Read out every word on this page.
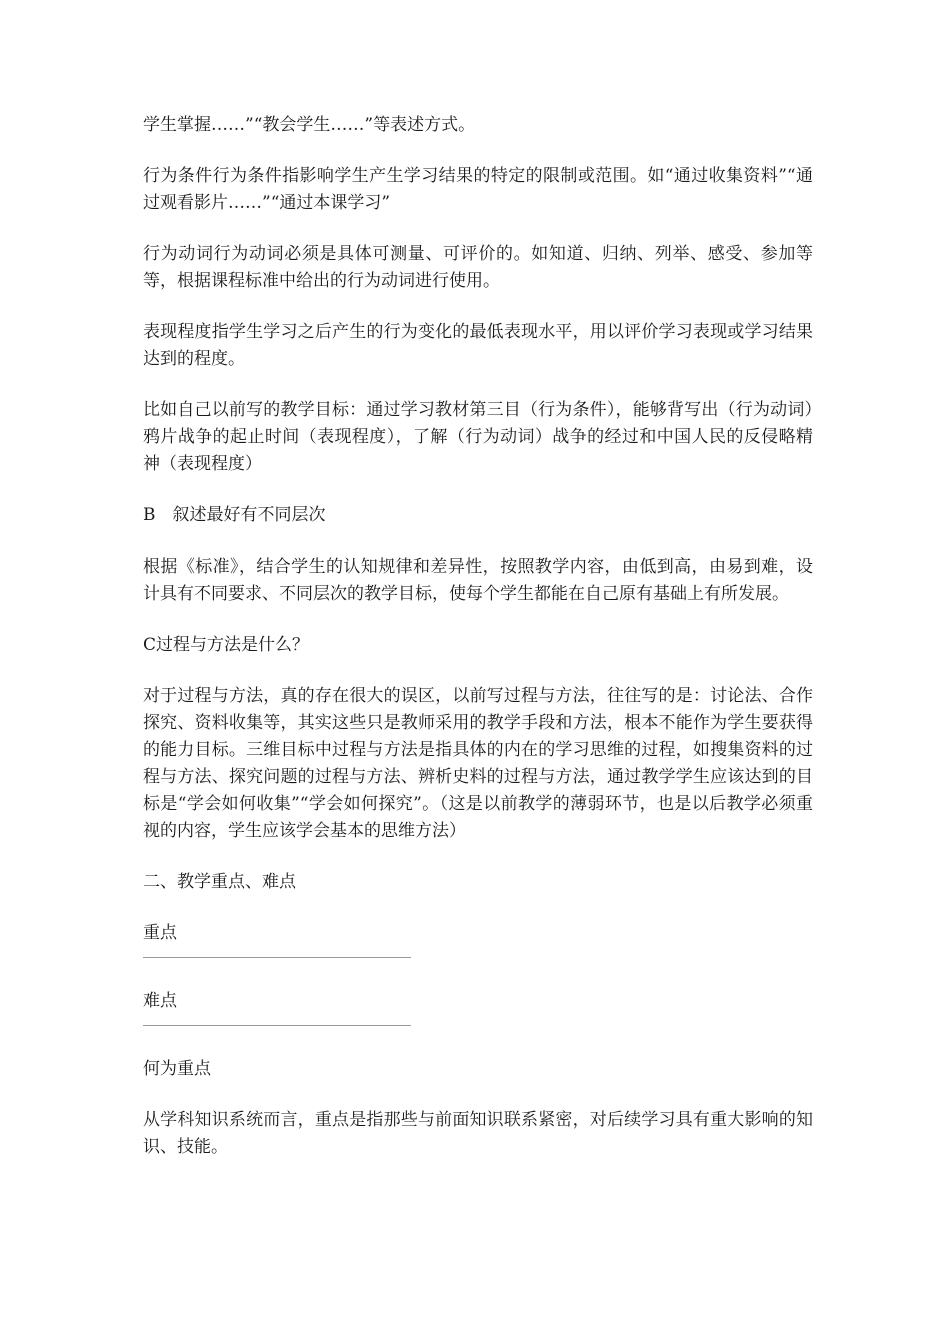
学生掌握……”“教会学生……”等表述方式。

行为条件行为条件指影响学生产生学习结果的特定的限制或范围。如“通过收集资料”“通过观看影片……”“通过本课学习”

行为动词行为动词必须是具体可测量、可评价的。如知道、归纳、列举、感受、参加等等，根据课程标准中给出的行为动词进行使用。

表现程度指学生学习之后产生的行为变化的最低表现水平，用以评价学习表现或学习结果达到的程度。

比如自己以前写的教学目标：通过学习教材第三目（行为条件），能够背写出（行为动词）鸦片战争的起止时间（表现程度），了解（行为动词）战争的经过和中国人民的反侵略精神（表现程度）

B　叙述最好有不同层次

根据《标准》，结合学生的认知规律和差异性，按照教学内容，由低到高，由易到难，设计具有不同要求、不同层次的教学目标，使每个学生都能在自己原有基础上有所发展。

C过程与方法是什么？

对于过程与方法，真的存在很大的误区，以前写过程与方法，往往写的是：讨论法、合作探究、资料收集等，其实这些只是教师采用的教学手段和方法，根本不能作为学生要获得的能力目标。三维目标中过程与方法是指具体的内在的学习思维的过程，如搜集资料的过程与方法、探究问题的过程与方法、辨析史料的过程与方法，通过教学学生应该达到的目标是“学会如何收集”“学会如何探究”。（这是以前教学的薄弱环节，也是以后教学必须重视的内容，学生应该学会基本的思维方法）

二、教学重点、难点

重点

难点

何为重点

从学科知识系统而言，重点是指那些与前面知识联系紧密，对后续学习具有重大影响的知识、技能。
